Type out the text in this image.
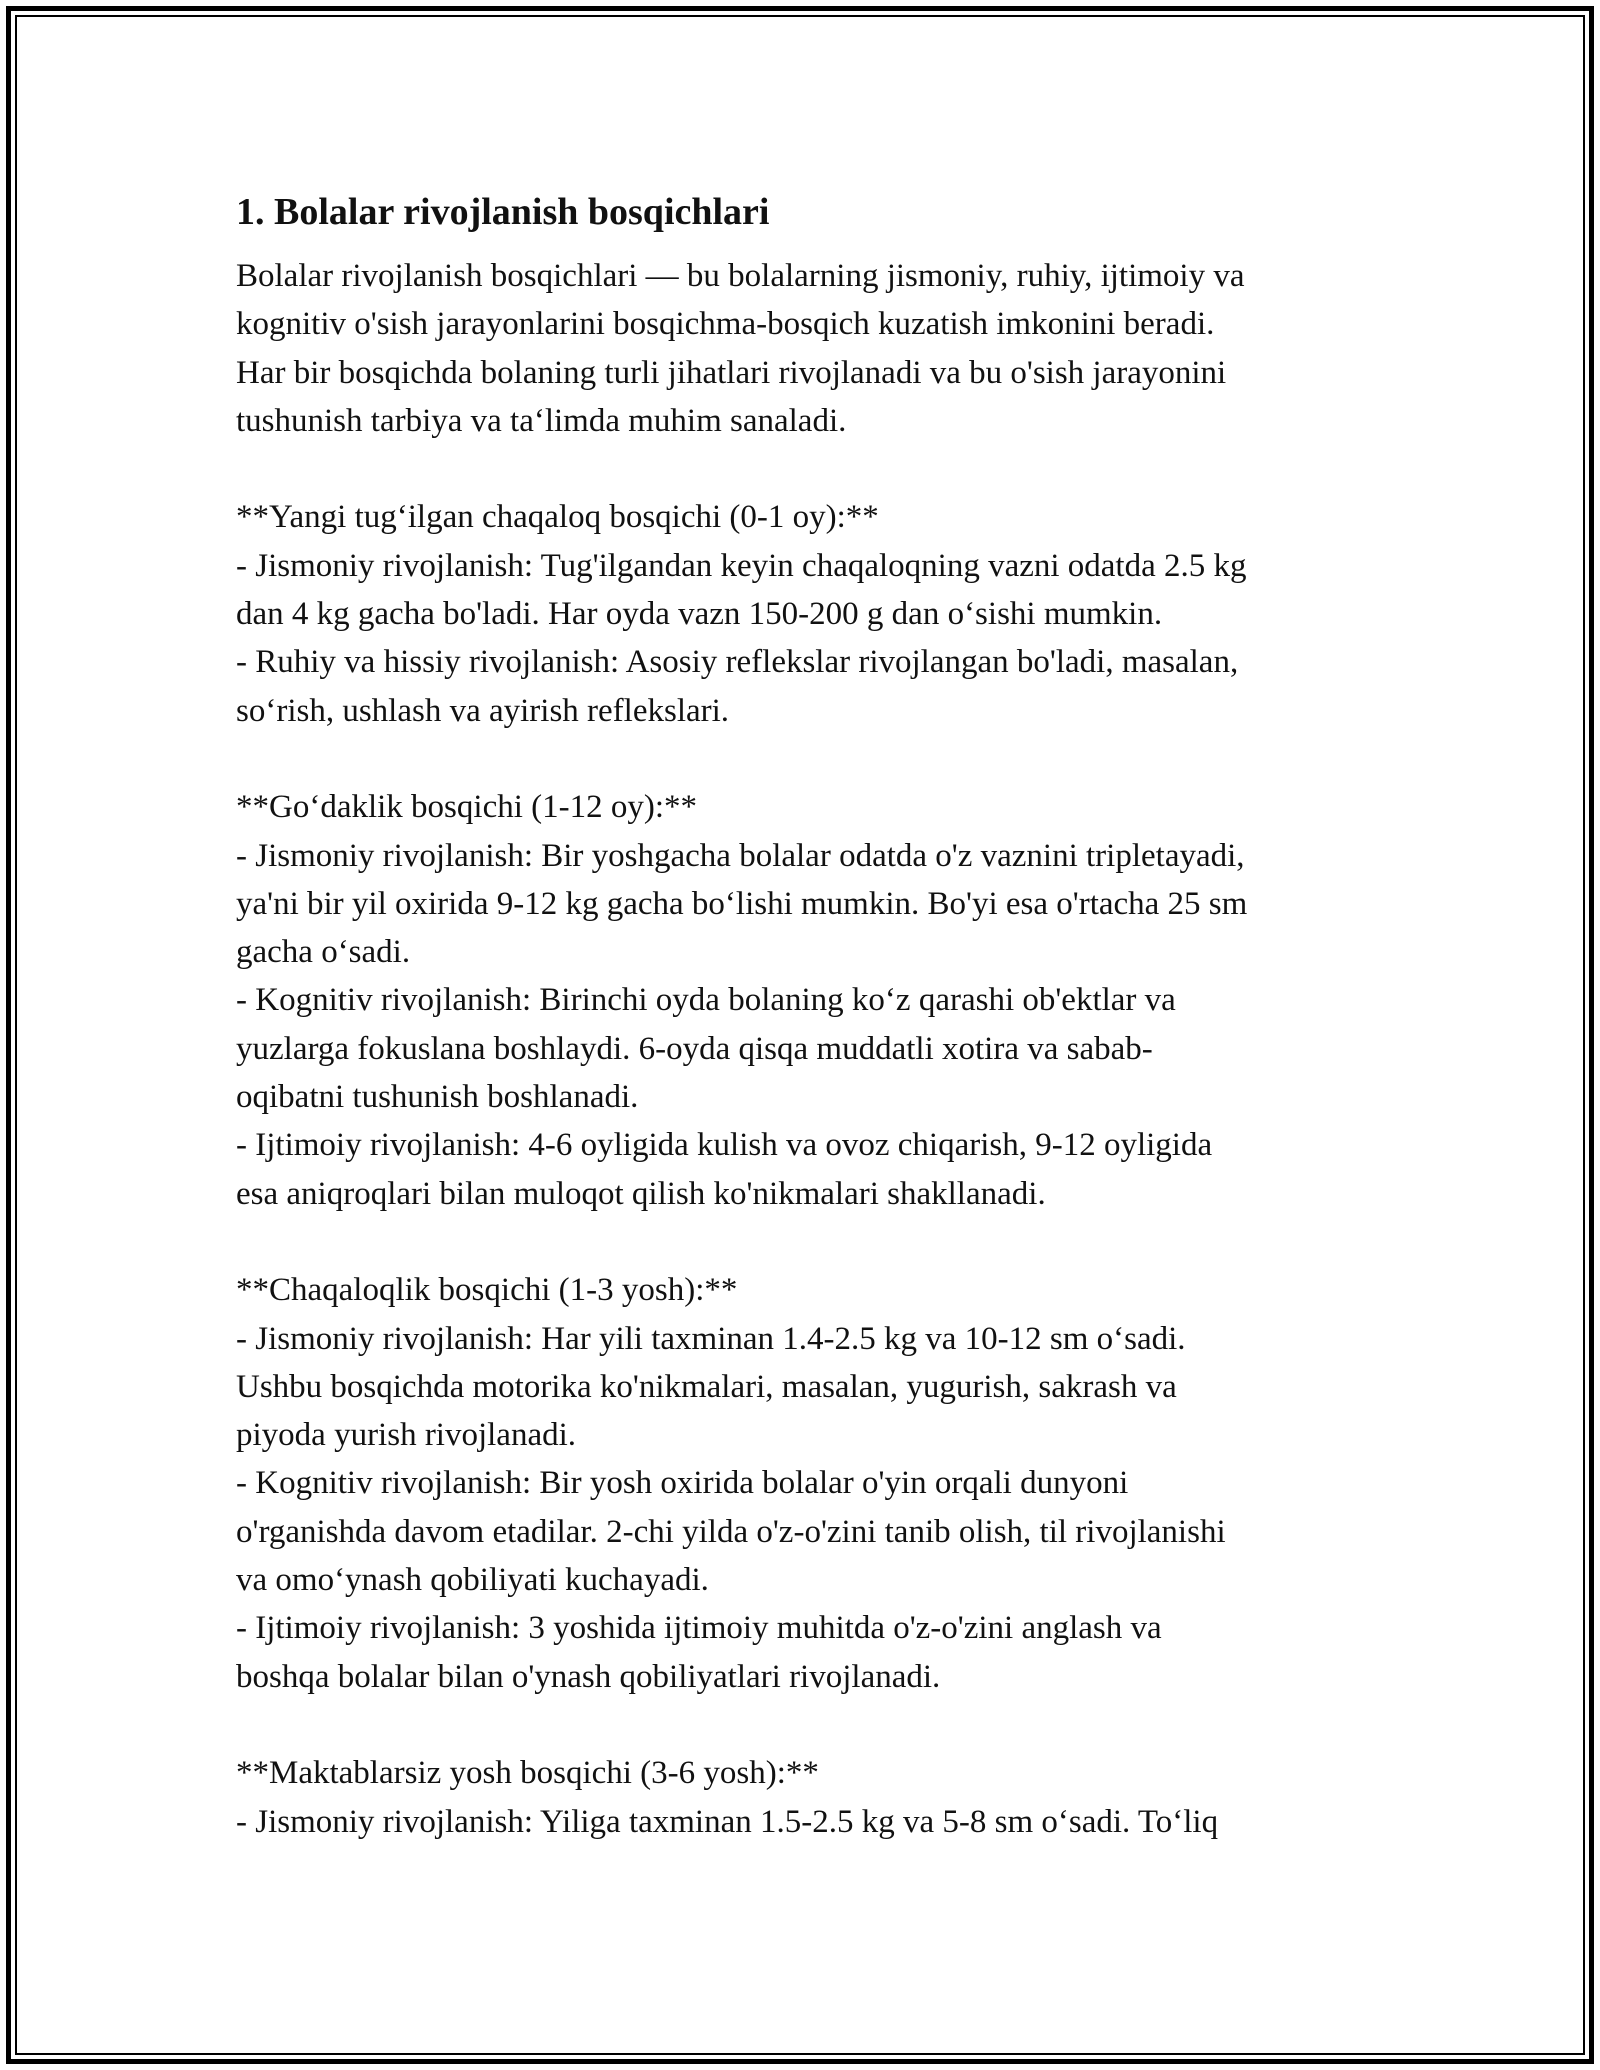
1. Bolalar rivojlanish bosqichlari

Bolalar rivojlanish bosqichlari — bu bolalarning jismoniy, ruhiy, ijtimoiy va
kognitiv o'sish jarayonlarini bosqichma-bosqich kuzatish imkonini beradi.
Har bir bosqichda bolaning turli jihatlari rivojlanadi va bu o'sish jarayonini
tushunish tarbiya va ta‘limda muhim sanaladi.

**Yangi tug‘ilgan chaqaloq bosqichi (0-1 oy):**
- Jismoniy rivojlanish: Tug'ilgandan keyin chaqaloqning vazni odatda 2.5 kg
dan 4 kg gacha bo'ladi. Har oyda vazn 150-200 g dan o‘sishi mumkin.
- Ruhiy va hissiy rivojlanish: Asosiy reflekslar rivojlangan bo'ladi, masalan,
so‘rish, ushlash va ayirish reflekslari.

**Go‘daklik bosqichi (1-12 oy):**
- Jismoniy rivojlanish: Bir yoshgacha bolalar odatda o'z vaznini tripletayadi,
ya'ni bir yil oxirida 9-12 kg gacha bo‘lishi mumkin. Bo'yi esa o'rtacha 25 sm
gacha o‘sadi.
- Kognitiv rivojlanish: Birinchi oyda bolaning ko‘z qarashi ob'ektlar va
yuzlarga fokuslana boshlaydi. 6-oyda qisqa muddatli xotira va sabab-
oqibatni tushunish boshlanadi.
- Ijtimoiy rivojlanish: 4-6 oyligida kulish va ovoz chiqarish, 9-12 oyligida
esa aniqroqlari bilan muloqot qilish ko'nikmalari shakllanadi.

**Chaqaloqlik bosqichi (1-3 yosh):**
- Jismoniy rivojlanish: Har yili taxminan 1.4-2.5 kg va 10-12 sm o‘sadi.
Ushbu bosqichda motorika ko'nikmalari, masalan, yugurish, sakrash va
piyoda yurish rivojlanadi.
- Kognitiv rivojlanish: Bir yosh oxirida bolalar o'yin orqali dunyoni
o'rganishda davom etadilar. 2-chi yilda o'z-o'zini tanib olish, til rivojlanishi
va omo‘ynash qobiliyati kuchayadi.
- Ijtimoiy rivojlanish: 3 yoshida ijtimoiy muhitda o'z-o'zini anglash va
boshqa bolalar bilan o'ynash qobiliyatlari rivojlanadi.

**Maktablarsiz yosh bosqichi (3-6 yosh):**
- Jismoniy rivojlanish: Yiliga taxminan 1.5-2.5 kg va 5-8 sm o‘sadi. To‘liq
